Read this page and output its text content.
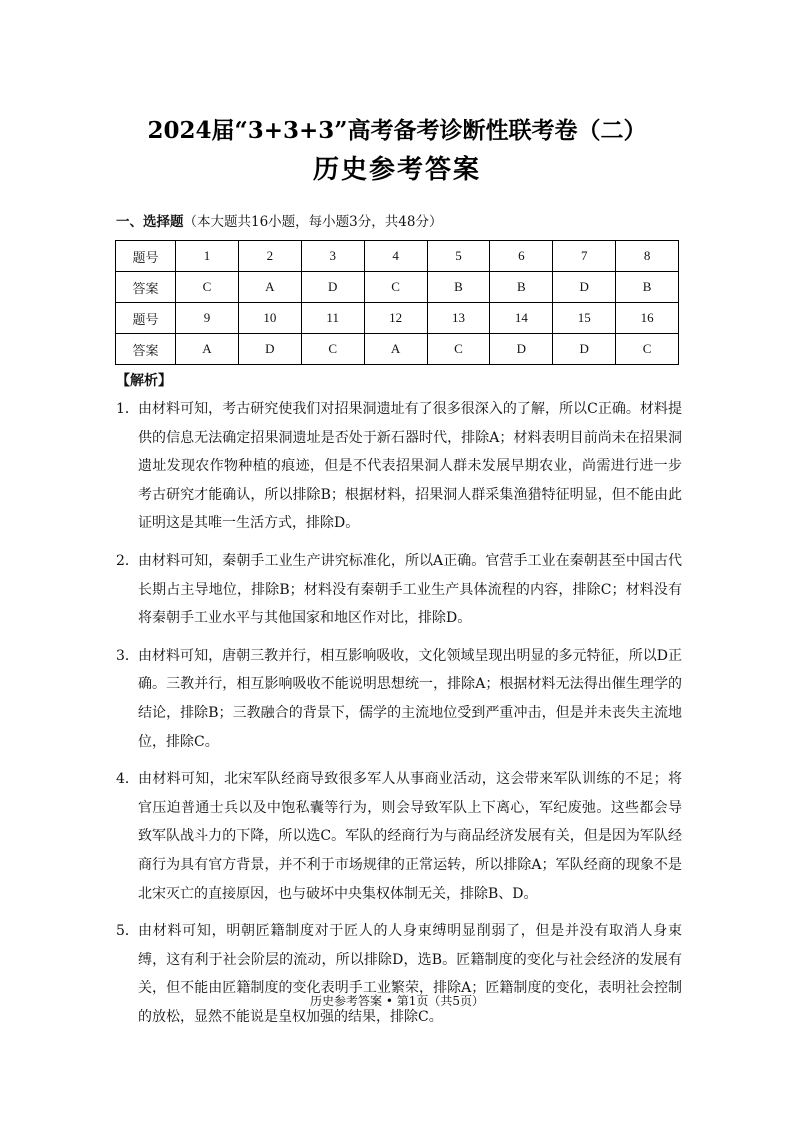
2024届“3+3+3”高考备考诊断性联考卷（二）
历史参考答案
一、选择题（本大题共16小题，每小题3分，共48分）
题号	1	2	3	4	5	6	7	8
答案	C	A	D	C	B	B	D	B
题号	9	10	11	12	13	14	15	16
答案	A	D	C	A	C	D	D	C
【解析】
1． 由材料可知，考古研究使我们对招果洞遗址有了很多很深入的了解，所以C正确。材料提供的信息无法确定招果洞遗址是否处于新石器时代，排除A；材料表明目前尚未在招果洞遗址发现农作物种植的痕迹，但是不代表招果洞人群未发展早期农业，尚需进行进一步考古研究才能确认，所以排除B；根据材料，招果洞人群采集渔猎特征明显，但不能由此证明这是其唯一生活方式，排除D。
2． 由材料可知，秦朝手工业生产讲究标准化，所以A正确。官营手工业在秦朝甚至中国古代长期占主导地位，排除B；材料没有秦朝手工业生产具体流程的内容，排除C；材料没有将秦朝手工业水平与其他国家和地区作对比，排除D。
3． 由材料可知，唐朝三教并行，相互影响吸收，文化领域呈现出明显的多元特征，所以D正确。三教并行，相互影响吸收不能说明思想统一，排除A；根据材料无法得出催生理学的结论，排除B；三教融合的背景下，儒学的主流地位受到严重冲击，但是并未丧失主流地位，排除C。
4． 由材料可知，北宋军队经商导致很多军人从事商业活动，这会带来军队训练的不足；将官压迫普通士兵以及中饱私囊等行为，则会导致军队上下离心，军纪废弛。这些都会导致军队战斗力的下降，所以选C。军队的经商行为与商品经济发展有关，但是因为军队经商行为具有官方背景，并不利于市场规律的正常运转，所以排除A；军队经商的现象不是北宋灭亡的直接原因，也与破坏中央集权体制无关，排除B、D。
5． 由材料可知，明朝匠籍制度对于匠人的人身束缚明显削弱了，但是并没有取消人身束缚，这有利于社会阶层的流动，所以排除D，选B。匠籍制度的变化与社会经济的发展有关，但不能由匠籍制度的变化表明手工业繁荣，排除A；匠籍制度的变化，表明社会控制的放松，显然不能说是皇权加强的结果，排除C。
历史参考答案 • 第1页（共5页）
